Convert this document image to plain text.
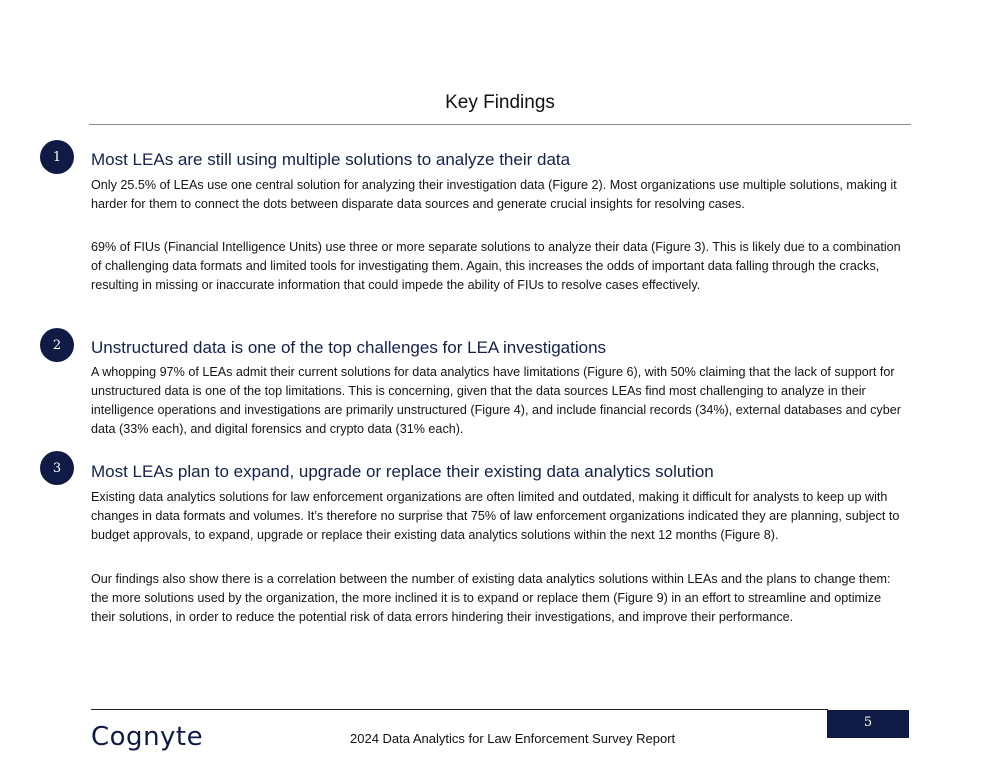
Key Findings
1	Most LEAs are still using multiple solutions to analyze their data

Only 25.5% of LEAs use one central solution for analyzing their investigation data (Figure 2). Most organizations use multiple solutions, making it harder for them to connect the dots between disparate data sources and generate crucial insights for resolving cases.

69% of FIUs (Financial Intelligence Units) use three or more separate solutions to analyze their data (Figure 3). This is likely due to a combination of challenging data formats and limited tools for investigating them. Again, this increases the odds of important data falling through the cracks, resulting in missing or inaccurate information that could impede the ability of FIUs to resolve cases effectively.

2	Unstructured data is one of the top challenges for LEA investigations

A whopping 97% of LEAs admit their current solutions for data analytics have limitations (Figure 6), with 50% claiming that the lack of support for unstructured data is one of the top limitations. This is concerning, given that the data sources LEAs find most challenging to analyze in their intelligence operations and investigations are primarily unstructured (Figure 4), and include financial records (34%), external databases and cyber data (33% each), and digital forensics and crypto data (31% each).

3	Most LEAs plan to expand, upgrade or replace their existing data analytics solution

Existing data analytics solutions for law enforcement organizations are often limited and outdated, making it difficult for analysts to keep up with changes in data formats and volumes. It’s therefore no surprise that 75% of law enforcement organizations indicated they are planning, subject to budget approvals, to expand, upgrade or replace their existing data analytics solutions within the next 12 months (Figure 8).

Our findings also show there is a correlation between the number of existing data analytics solutions within LEAs and the plans to change them: the more solutions used by the organization, the more inclined it is to expand or replace them (Figure 9) in an effort to streamline and optimize their solutions, in order to reduce the potential risk of data errors hindering their investigations, and improve their performance.

5
Cognyte	2024 Data Analytics for Law Enforcement Survey Report
